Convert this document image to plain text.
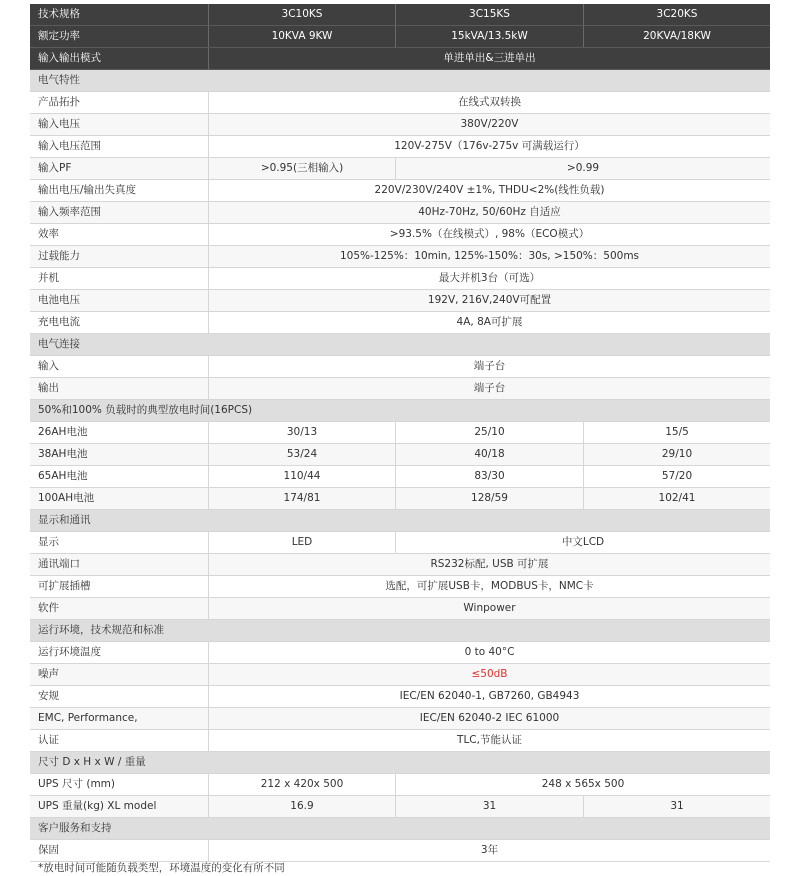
技术规格	3C10KS	3C15KS	3C20KS
额定功率	10KVA 9KW	15kVA/13.5kW	20KVA/18KW
输入输出模式	单进单出&三进单出
电气特性
产品拓扑	在线式双转换
输入电压	380V/220V
输入电压范围	120V-275V（176v-275v 可满载运行）
输入PF	>0.95(三相输入)	>0.99
输出电压/输出失真度	220V/230V/240V ±1%, THDU<2%(线性负载)
输入频率范围	40Hz-70Hz, 50/60Hz 自适应
效率	>93.5%（在线模式）, 98%（ECO模式）
过载能力	105%-125%：10min, 125%-150%：30s, >150%：500ms
并机	最大并机3台（可选）
电池电压	192V, 216V,240V可配置
充电电流	4A, 8A可扩展
电气连接
输入	端子台
输出	端子台
50%和100% 负载时的典型放电时间(16PCS)
26AH电池	30/13	25/10	15/5
38AH电池	53/24	40/18	29/10
65AH电池	110/44	83/30	57/20
100AH电池	174/81	128/59	102/41
显示和通讯
显示	LED	中文LCD
通讯端口	RS232标配, USB 可扩展
可扩展插槽	选配，可扩展USB卡，MODBUS卡，NMC卡
软件	Winpower
运行环境，技术规范和标准
运行环境温度	0 to 40°C
噪声	≤50dB
安规	IEC/EN 62040-1, GB7260, GB4943
EMC, Performance,	IEC/EN 62040-2 IEC 61000
认证	TLC,节能认证
尺寸 D x H x W / 重量
UPS 尺寸 (mm)	212 x 420x 500	248 x 565x 500
UPS 重量(kg) XL model	16.9	31	31
客户服务和支持
保固	3年
*放电时间可能随负载类型，环境温度的变化有所不同
